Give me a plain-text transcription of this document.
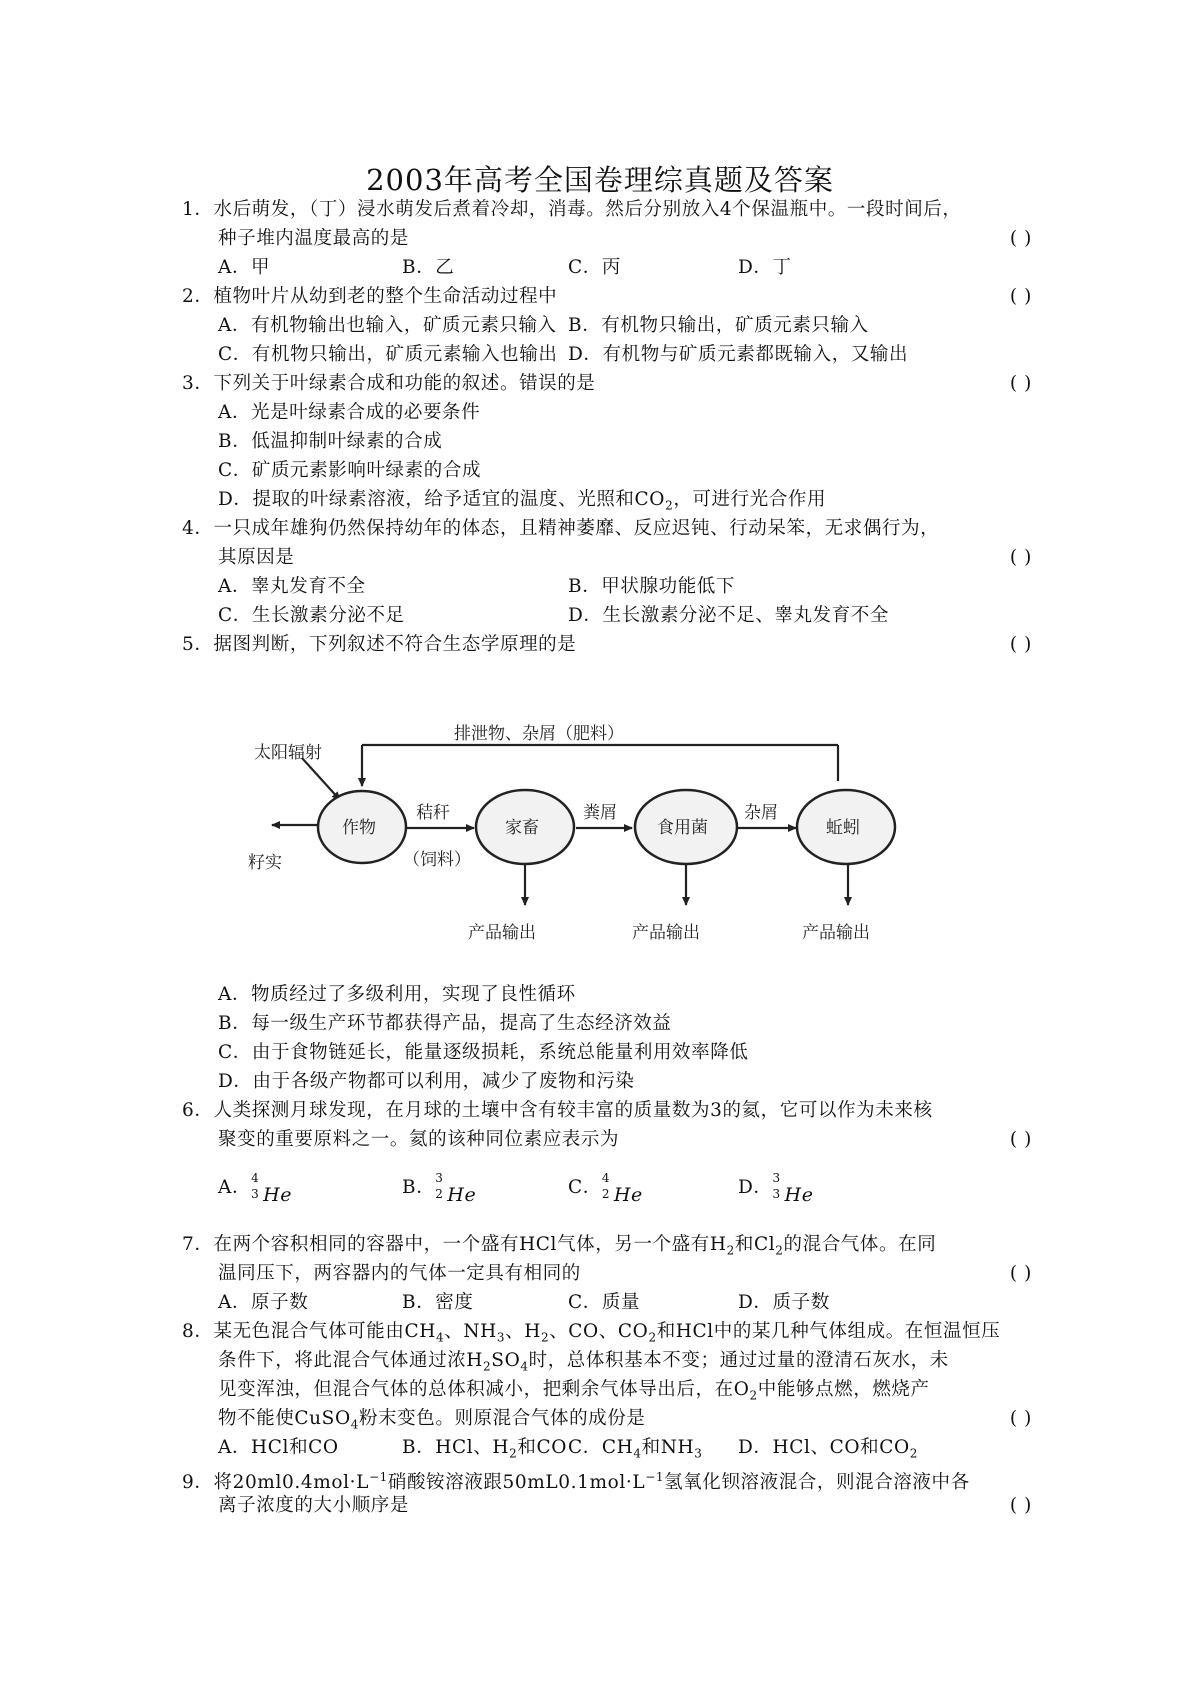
2003年高考全国卷理综真题及答案
1．水后萌发，（丁）浸水萌发后煮着冷却，消毒。然后分别放入4个保温瓶中。一段时间后，
种子堆内温度最高的是	( )
A．甲	B．乙	C．丙	D．丁
2．植物叶片从幼到老的整个生命活动过程中	( )
A．有机物输出也输入，矿质元素只输入 B．有机物只输出，矿质元素只输入
C．有机物只输出，矿质元素输入也输出 D．有机物与矿质元素都既输入，又输出
3．下列关于叶绿素合成和功能的叙述。错误的是	( )
A．光是叶绿素合成的必要条件
B．低温抑制叶绿素的合成
C．矿质元素影响叶绿素的合成
D．提取的叶绿素溶液，给予适宜的温度、光照和$CO_2$，可进行光合作用
4．一只成年雄狗仍然保持幼年的体态，且精神萎靡、反应迟钝、行动呆笨，无求偶行为，
其原因是	( )
A．睾丸发育不全	B．甲状腺功能低下
C．生长激素分泌不足	D．生长激素分泌不足、睾丸发育不全
5．据图判断，下列叙述不符合生态学原理的是	( )
排泄物、杂屑（肥料）
太阳辐射
作物
籽实
秸秆
（饲料）
家畜
粪屑
食用菌
杂屑
蚯蚓
产品输出	产品输出	产品输出
A．物质经过了多级利用，实现了良性循环
B．每一级生产环节都获得产品，提高了生态经济效益
C．由于食物链延长，能量逐级损耗，系统总能量利用效率降低
D．由于各级产物都可以利用，减少了废物和污染
6．人类探测月球发现，在月球的土壤中含有较丰富的质量数为3的氦，它可以作为未来核
聚变的重要原料之一。氦的该种同位素应表示为	( )
A． 4
3 He	B． 3
2 He	C． 4
2 He	D． 3
3 He
7．在两个容积相同的容器中，一个盛有HCl气体，另一个盛有$H_2$和$Cl_2$的混合气体。在同
温同压下，两容器内的气体一定具有相同的	( )
A．原子数	B．密度	C．质量	D．质子数
8．某无色混合气体可能由$CH_4$、$NH_3$、$H_2$、CO、$CO_2$和HCl中的某几种气体组成。在恒温恒压
条件下，将此混合气体通过浓$H_2SO_4$时，总体积基本不变；通过过量的澄清石灰水，未
见变浑浊，但混合气体的总体积减小，把剩余气体导出后，在$O_2$中能够点燃，燃烧产
物不能使CuSO$_4$粉末变色。则原混合气体的成份是	( )
A．HCl和CO	B．HCl、$H_2$和CO C．$CH_4$和$NH_3$ D．HCl、CO和$CO_2$
9．将$20ml0.4mol\cdot L^{-1}$硝酸铵溶液跟$50mL0.1mol\cdot L^{-1}$氢氧化钡溶液混合，则混合溶液中各
离子浓度的大小顺序是	( )
